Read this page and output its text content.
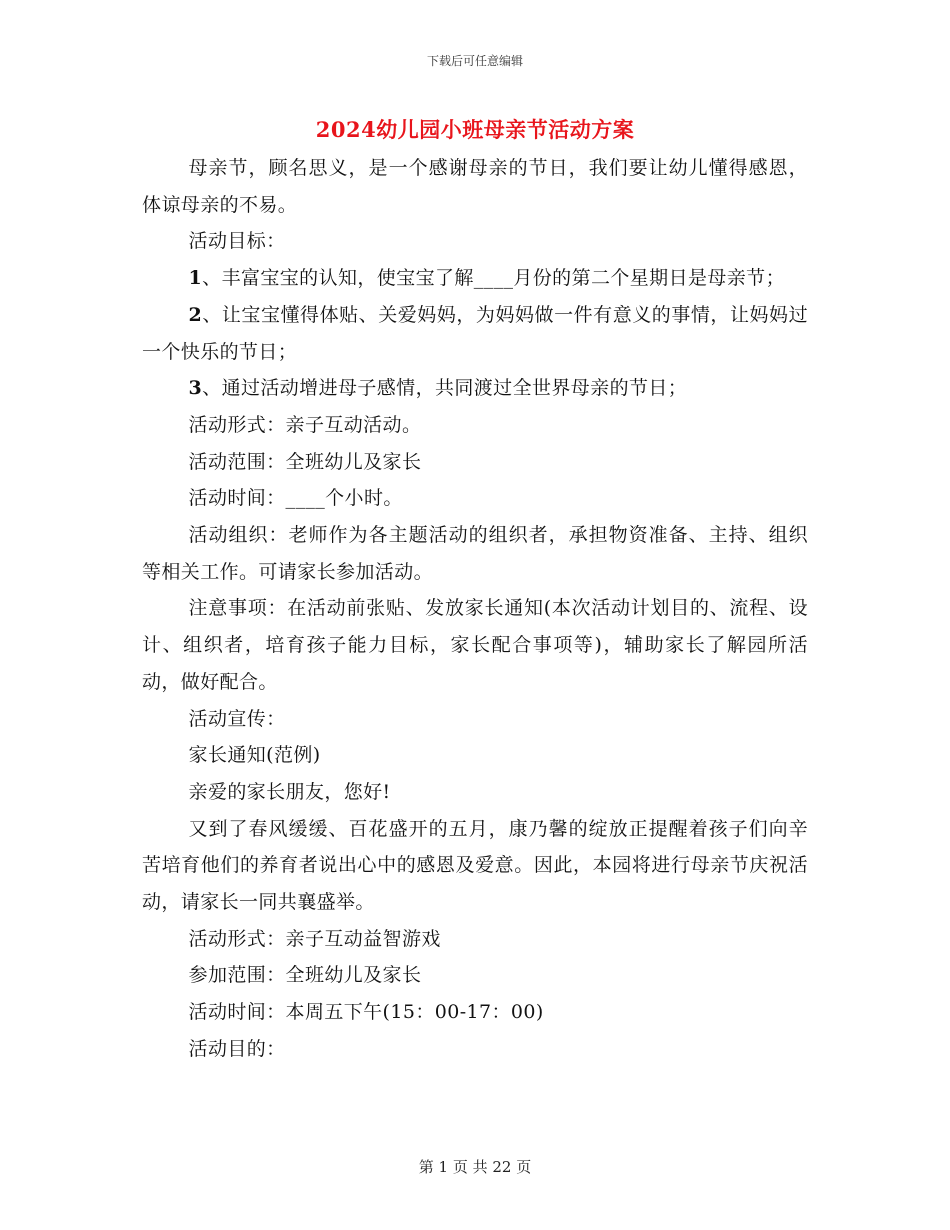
下载后可任意编辑
2024幼儿园小班母亲节活动方案

母亲节，顾名思义，是一个感谢母亲的节日，我们要让幼儿懂得感恩，体谅母亲的不易。

活动目标：

1、丰富宝宝的认知，使宝宝了解____月份的第二个星期日是母亲节；

2、让宝宝懂得体贴、关爱妈妈，为妈妈做一件有意义的事情，让妈妈过一个快乐的节日；

3、通过活动增进母子感情，共同渡过全世界母亲的节日；

活动形式：亲子互动活动。

活动范围：全班幼儿及家长

活动时间：____个小时。

活动组织：老师作为各主题活动的组织者，承担物资准备、主持、组织等相关工作。可请家长参加活动。

注意事项：在活动前张贴、发放家长通知(本次活动计划目的、流程、设计、组织者，培育孩子能力目标，家长配合事项等)，辅助家长了解园所活动，做好配合。

活动宣传：

家长通知(范例)

亲爱的家长朋友，您好!

又到了春风缓缓、百花盛开的五月，康乃馨的绽放正提醒着孩子们向辛苦培育他们的养育者说出心中的感恩及爱意。因此，本园将进行母亲节庆祝活动，请家长一同共襄盛举。

活动形式：亲子互动益智游戏

参加范围：全班幼儿及家长

活动时间：本周五下午(15：00-17：00)

活动目的：

第 1 页 共 22 页
